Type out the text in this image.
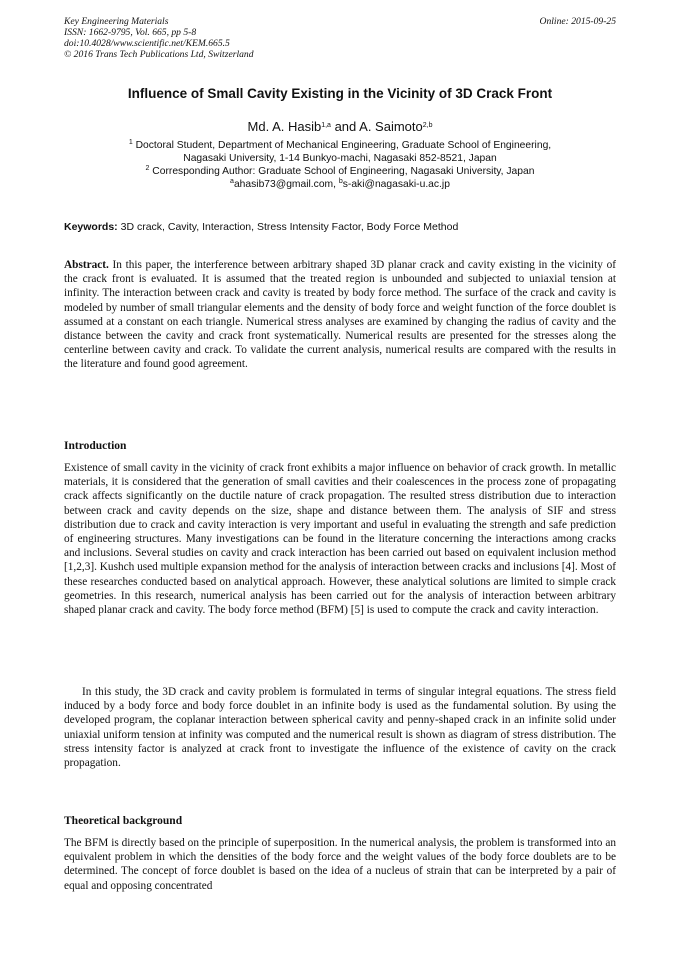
Key Engineering Materials	Online: 2015-09-25
ISSN: 1662-9795, Vol. 665, pp 5-8
doi:10.4028/www.scientific.net/KEM.665.5
© 2016 Trans Tech Publications Ltd, Switzerland
Influence of Small Cavity Existing in the Vicinity of 3D Crack Front
Md. A. Hasib$^{1,a}$ and A. Saimoto$^{2,b}$
$^1$ Doctoral Student, Department of Mechanical Engineering, Graduate School of Engineering,
Nagasaki University, 1-14 Bunkyo-machi, Nagasaki 852-8521, Japan
$^2$ Corresponding Author: Graduate School of Engineering, Nagasaki University, Japan
$^a$ahasib73@gmail.com, $^b$s-aki@nagasaki-u.ac.jp
Keywords: 3D crack, Cavity, Interaction, Stress Intensity Factor, Body Force Method
Abstract. In this paper, the interference between arbitrary shaped 3D planar crack and cavity existing in the vicinity of the crack front is evaluated. It is assumed that the treated region is unbounded and subjected to uniaxial tension at infinity. The interaction between crack and cavity is treated by body force method. The surface of the crack and cavity is modeled by number of small triangular elements and the density of body force and weight function of the force doublet is assumed at a constant on each triangle. Numerical stress analyses are examined by changing the radius of cavity and the distance between the cavity and crack front systematically. Numerical results are presented for the stresses along the centerline between cavity and crack. To validate the current analysis, numerical results are compared with the results in the literature and found good agreement.
Introduction
Existence of small cavity in the vicinity of crack front exhibits a major influence on behavior of crack growth. In metallic materials, it is considered that the generation of small cavities and their coalescences in the process zone of propagating crack affects significantly on the ductile nature of crack propagation. The resulted stress distribution due to interaction between crack and cavity depends on the size, shape and distance between them. The analysis of SIF and stress distribution due to crack and cavity interaction is very important and useful in evaluating the strength and safe prediction of engineering structures. Many investigations can be found in the literature concerning the interactions among cracks and inclusions. Several studies on cavity and crack interaction has been carried out based on equivalent inclusion method [1,2,3]. Kushch used multiple expansion method for the analysis of interaction between cracks and inclusions [4]. Most of these researches conducted based on analytical approach. However, these analytical solutions are limited to simple crack geometries. In this research, numerical analysis has been carried out for the analysis of interaction between arbitrary shaped planar crack and cavity. The body force method (BFM) [5] is used to compute the crack and cavity interaction.
In this study, the 3D crack and cavity problem is formulated in terms of singular integral equations. The stress field induced by a body force and body force doublet in an infinite body is used as the fundamental solution. By using the developed program, the coplanar interaction between spherical cavity and penny-shaped crack in an infinite solid under uniaxial uniform tension at infinity was computed and the numerical result is shown as diagram of stress distribution. The stress intensity factor is analyzed at crack front to investigate the influence of the existence of cavity on the crack propagation.
Theoretical background
The BFM is directly based on the principle of superposition. In the numerical analysis, the problem is transformed into an equivalent problem in which the densities of the body force and the weight values of the body force doublets are to be determined. The concept of force doublet is based on the idea of a nucleus of strain that can be interpreted by a pair of equal and opposing concentrated
